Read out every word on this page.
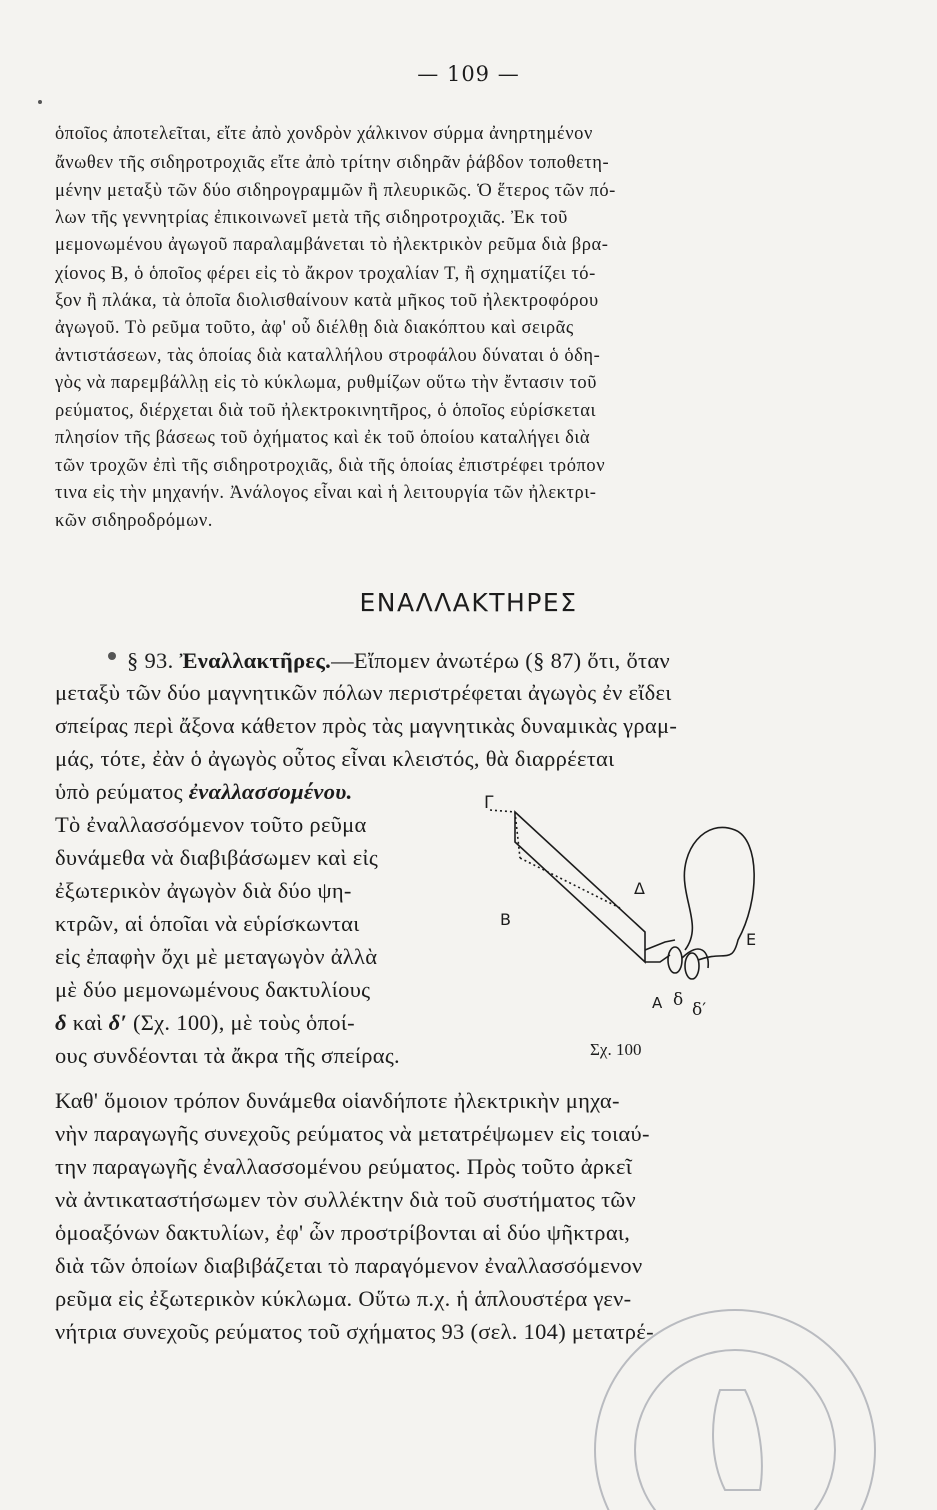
— 109 —
ὁποῖος ἀποτελεῖται, εἴτε ἀπὸ χονδρὸν χάλκινον σύρμα ἀνηρτημένον
ἄνωθεν τῆς σιδηροτροχιᾶς εἴτε ἀπὸ τρίτην σιδηρᾶν ῥάβδον τοποθετη-
μένην μεταξὺ τῶν δύο σιδηρογραμμῶν ἢ πλευρικῶς. Ὁ ἕτερος τῶν πό-
λων τῆς γεννητρίας ἐπικοινωνεῖ μετὰ τῆς σιδηροτροχιᾶς. Ἐκ τοῦ
μεμονωμένου ἀγωγοῦ παραλαμβάνεται τὸ ἠλεκτρικὸν ρεῦμα διὰ βρα-
χίονος Β, ὁ ὁποῖος φέρει εἰς τὸ ἄκρον τροχαλίαν Τ, ἢ σχηματίζει τό-
ξον ἢ πλάκα, τὰ ὁποῖα διολισθαίνουν κατὰ μῆκος τοῦ ἠλεκτροφόρου
ἀγωγοῦ. Τὸ ρεῦμα τοῦτο, ἀφ' οὗ διέλθῃ διὰ διακόπτου καὶ σειρᾶς
ἀντιστάσεων, τὰς ὁποίας διὰ καταλλήλου στροφάλου δύναται ὁ ὁδη-
γὸς νὰ παρεμβάλλῃ εἰς τὸ κύκλωμα, ρυθμίζων οὕτω τὴν ἔντασιν τοῦ
ρεύματος, διέρχεται διὰ τοῦ ἠλεκτροκινητῆρος, ὁ ὁποῖος εὑρίσκεται
πλησίον τῆς βάσεως τοῦ ὀχήματος καὶ ἐκ τοῦ ὁποίου καταλήγει διὰ
τῶν τροχῶν ἐπὶ τῆς σιδηροτροχιᾶς, διὰ τῆς ὁποίας ἐπιστρέφει τρόπον
τινα εἰς τὴν μηχανήν. Ἀνάλογος εἶναι καὶ ἡ λειτουργία τῶν ἠλεκτρι-
κῶν σιδηροδρόμων.
ΕΝΑΛΛΑΚΤΗΡΕΣ
§ 93. Ἐναλλακτῆρες.—Εἴπομεν ἀνωτέρω (§ 87) ὅτι, ὅταν
μεταξὺ τῶν δύο μαγνητικῶν πόλων περιστρέφεται ἀγωγὸς ἐν εἴδει
σπείρας περὶ ἄξονα κάθετον πρὸς τὰς μαγνητικὰς δυναμικὰς γραμ-
μάς, τότε, ἐὰν ὁ ἀγωγὸς οὗτος εἶναι κλειστός, θὰ διαρρέεται
ὑπὸ ρεύματος ἐναλλασσομένου.
Τὸ ἐναλλασσόμενον τοῦτο ρεῦμα
δυνάμεθα νὰ διαβιβάσωμεν καὶ εἰς
ἐξωτερικὸν ἀγωγὸν διὰ δύο ψη-
κτρῶν, αἱ ὁποῖαι νὰ εὑρίσκωνται
εἰς ἐπαφὴν ὄχι μὲ μεταγωγὸν ἀλλὰ
μὲ δύο μεμονωμένους δακτυλίους
δ καὶ δ′ (Σχ. 100), μὲ τοὺς ὁποί-
ους συνδέονται τὰ ἄκρα τῆς σπείρας.
Καθ' ὅμοιον τρόπον δυνάμεθα οἱανδήποτε ἠλεκτρικὴν μηχα-
νὴν παραγωγῆς συνεχοῦς ρεύματος νὰ μετατρέψωμεν εἰς τοιαύ-
την παραγωγῆς ἐναλλασσομένου ρεύματος. Πρὸς τοῦτο ἀρκεῖ
νὰ ἀντικαταστήσωμεν τὸν συλλέκτην διὰ τοῦ συστήματος τῶν
ὁμοαξόνων δακτυλίων, ἐφ' ὧν προστρίβονται αἱ δύο ψῆκτραι,
διὰ τῶν ὁποίων διαβιβάζεται τὸ παραγόμενον ἐναλλασσόμενον
ρεῦμα εἰς ἐξωτερικὸν κύκλωμα. Οὕτω π.χ. ἡ ἁπλουστέρα γεν-
νήτρια συνεχοῦς ρεύματος τοῦ σχήματος 93 (σελ. 104) μετατρέ-
Γ
Β
Δ
Ε
Α δ δ′
Σχ. 100
